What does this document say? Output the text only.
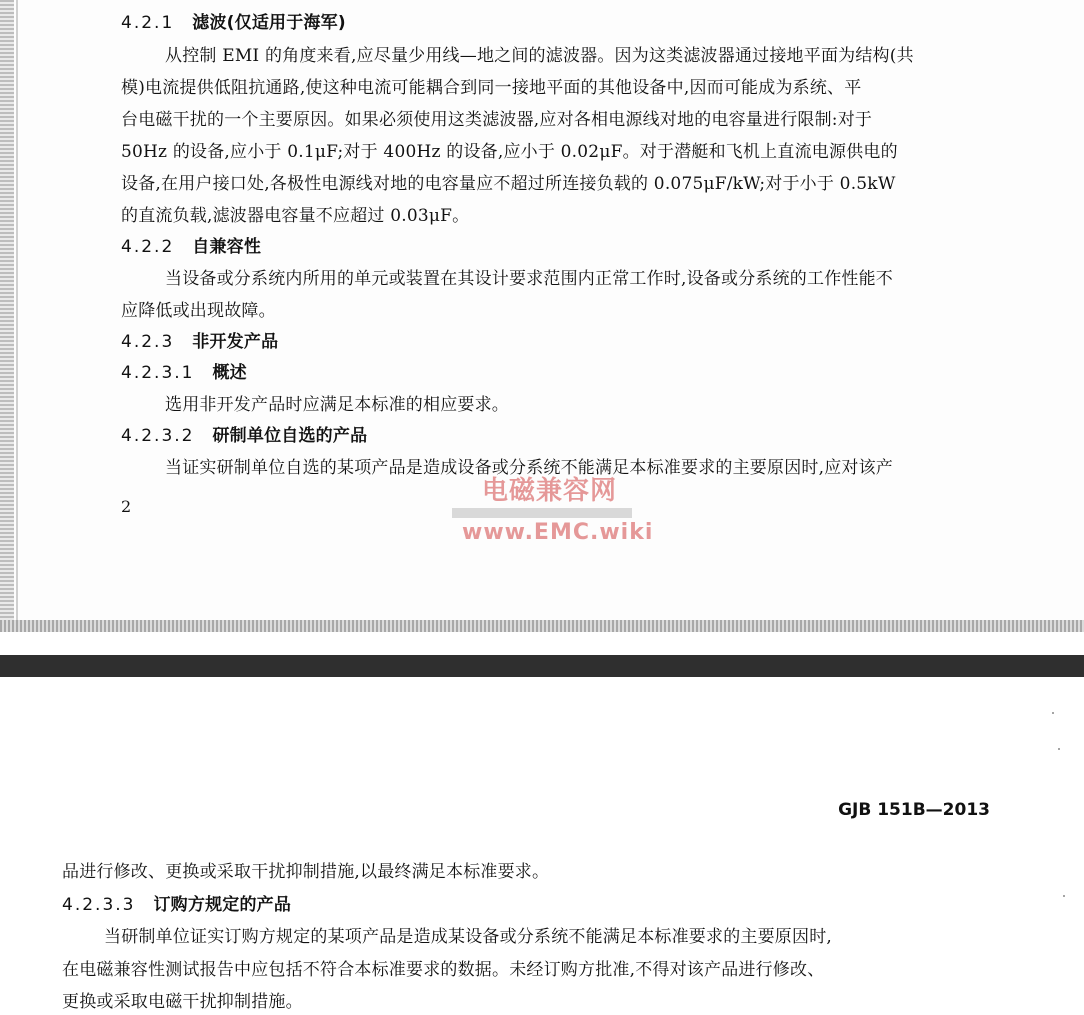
4.2.1 滤波(仅适用于海军)
从控制 EMI 的角度来看,应尽量少用线—地之间的滤波器。因为这类滤波器通过接地平面为结构(共
模)电流提供低阻抗通路,使这种电流可能耦合到同一接地平面的其他设备中,因而可能成为系统、平
台电磁干扰的一个主要原因。如果必须使用这类滤波器,应对各相电源线对地的电容量进行限制:对于
50Hz 的设备,应小于 0.1μF;对于 400Hz 的设备,应小于 0.02μF。对于潜艇和飞机上直流电源供电的
设备,在用户接口处,各极性电源线对地的电容量应不超过所连接负载的 0.075μF/kW;对于小于 0.5kW
的直流负载,滤波器电容量不应超过 0.03μF。
4.2.2 自兼容性
当设备或分系统内所用的单元或装置在其设计要求范围内正常工作时,设备或分系统的工作性能不
应降低或出现故障。
4.2.3 非开发产品
4.2.3.1 概述
选用非开发产品时应满足本标准的相应要求。
4.2.3.2 研制单位自选的产品
当证实研制单位自选的某项产品是造成设备或分系统不能满足本标准要求的主要原因时,应对该产
2
电磁兼容网
www.EMC.wiki
GJB 151B—2013
品进行修改、更换或采取干扰抑制措施,以最终满足本标准要求。
4.2.3.3 订购方规定的产品
当研制单位证实订购方规定的某项产品是造成某设备或分系统不能满足本标准要求的主要原因时,
在电磁兼容性测试报告中应包括不符合本标准要求的数据。未经订购方批准,不得对该产品进行修改、
更换或采取电磁干扰抑制措施。
